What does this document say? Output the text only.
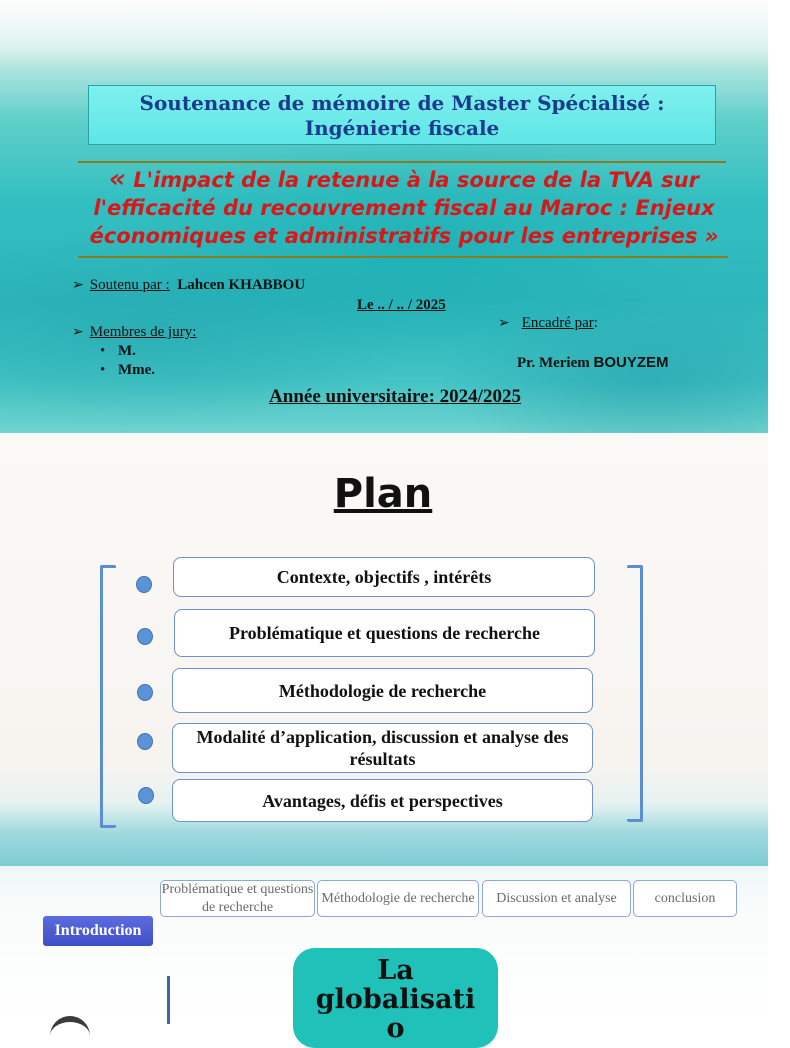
Soutenance de mémoire de Master Spécialisé :
Ingénierie fiscale
« L'impact de la retenue à la source de la TVA sur l'efficacité du recouvrement fiscal au Maroc : Enjeux économiques et administratifs pour les entreprises »
➢ Soutenu par : Lahcen KHABBOU
Le .. / .. / 2025
➢ Membres de jury:
• M.
• Mme.
➢ Encadré par:
Pr. Meriem BOUYZEM
Année universitaire: 2024/2025
Plan
Contexte, objectifs , intérêts
Problématique et questions de recherche
Méthodologie de recherche
Modalité d’application, discussion et analyse des résultats
Avantages, défis et perspectives
Problématique et questions de recherche
Méthodologie de recherche	Discussion et analyse	conclusion
Introduction
La
globalisati
o
